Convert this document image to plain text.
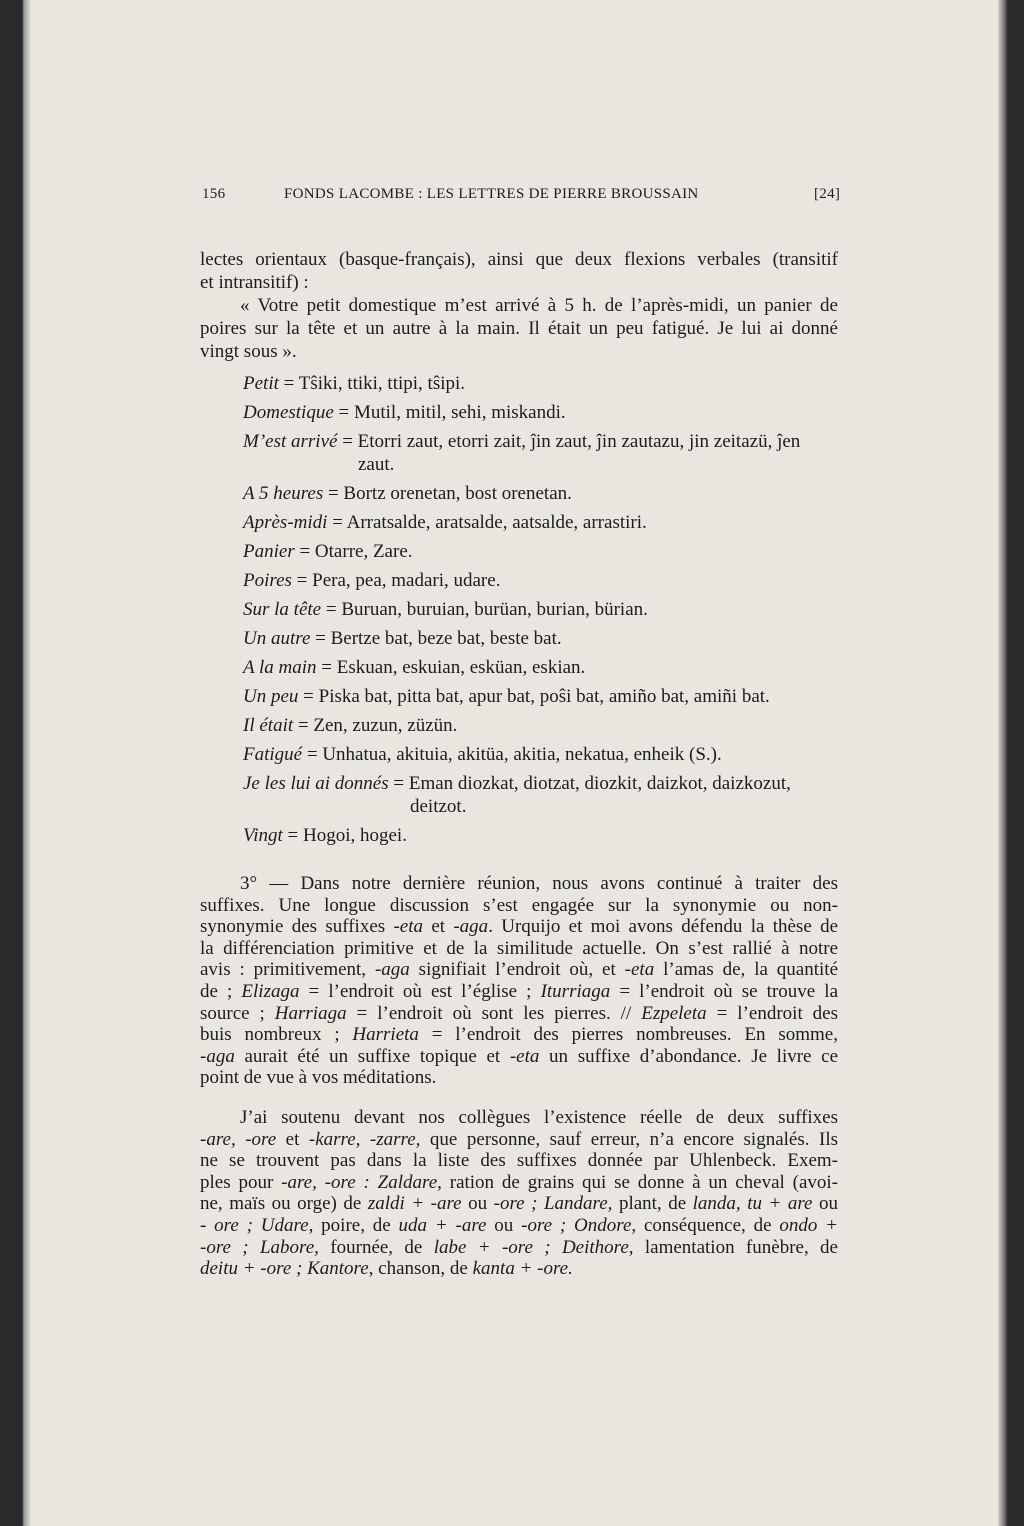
156	FONDS LACOMBE : LES LETTRES DE PIERRE BROUSSAIN	[24]
lectes orientaux (basque-français), ainsi que deux flexions verbales (transitif
et intransitif) :
« Votre petit domestique m’est arrivé à 5 h. de l’après-midi, un panier de
poires sur la tête et un autre à la main. Il était un peu fatigué. Je lui ai donné
vingt sous ».
Petit = Tŝiki, ttiki, ttipi, tŝipi.
Domestique = Mutil, mitil, sehi, miskandi.
M’est arrivé = Etorri zaut, etorri zait, ĵin zaut, ĵin zautazu, jin zeitazü, ĵen
zaut.
A 5 heures = Bortz orenetan, bost orenetan.
Après-midi = Arratsalde, aratsalde, aatsalde, arrastiri.
Panier = Otarre, Zare.
Poires = Pera, pea, madari, udare.
Sur la tête = Buruan, buruian, burüan, burian, bürian.
Un autre = Bertze bat, beze bat, beste bat.
A la main = Eskuan, eskuian, esküan, eskian.
Un peu = Piska bat, pitta bat, apur bat, poŝi bat, amiño bat, amiñi bat.
Il était = Zen, zuzun, züzün.
Fatigué = Unhatua, akituia, akitüa, akitia, nekatua, enheik (S.).
Je les lui ai donnés = Eman diozkat, diotzat, diozkit, daizkot, daizkozut,
deitzot.
Vingt = Hogoi, hogei.
3° — Dans notre dernière réunion, nous avons continué à traiter des
suffixes. Une longue discussion s’est engagée sur la synonymie ou non-
synonymie des suffixes -eta et -aga. Urquijo et moi avons défendu la thèse de
la différenciation primitive et de la similitude actuelle. On s’est rallié à notre
avis : primitivement, -aga signifiait l’endroit où, et -eta l’amas de, la quantité
de ; Elizaga = l’endroit où est l’église ; Iturriaga = l’endroit où se trouve la
source ; Harriaga = l’endroit où sont les pierres. // Ezpeleta = l’endroit des
buis nombreux ; Harrieta = l’endroit des pierres nombreuses. En somme,
-aga aurait été un suffixe topique et -eta un suffixe d’abondance. Je livre ce
point de vue à vos méditations.
J’ai soutenu devant nos collègues l’existence réelle de deux suffixes
-are, -ore et -karre, -zarre, que personne, sauf erreur, n’a encore signalés. Ils
ne se trouvent pas dans la liste des suffixes donnée par Uhlenbeck. Exem-
ples pour -are, -ore : Zaldare, ration de grains qui se donne à un cheval (avoi-
ne, maïs ou orge) de zaldi + -are ou -ore ; Landare, plant, de landa, tu + are ou
- ore ; Udare, poire, de uda + -are ou -ore ; Ondore, conséquence, de ondo +
-ore ; Labore, fournée, de labe + -ore ; Deithore, lamentation funèbre, de
deitu + -ore ; Kantore, chanson, de kanta + -ore.
